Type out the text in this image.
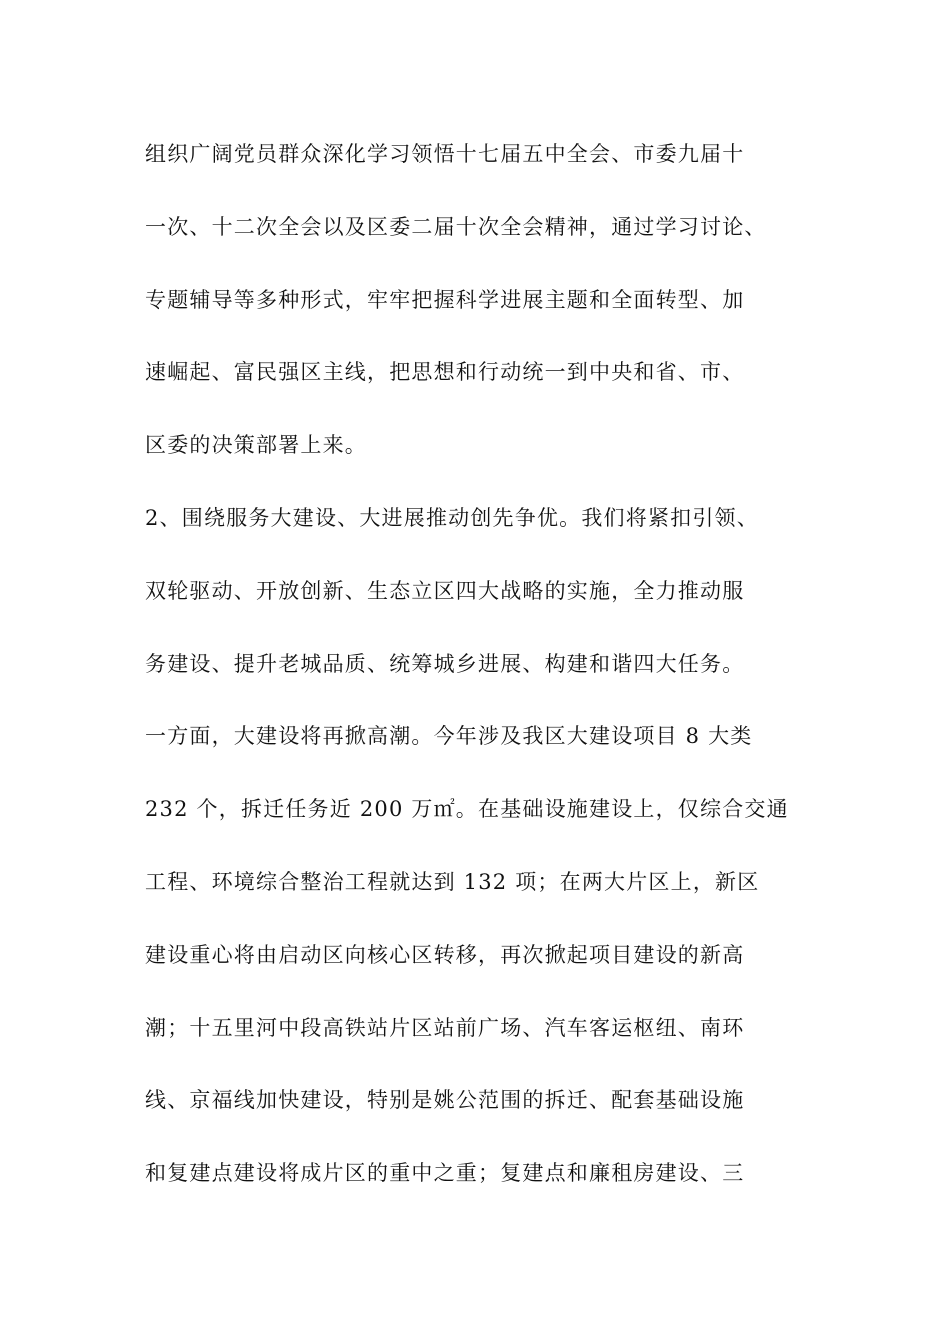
组织广阔党员群众深化学习领悟十七届五中全会、市委九届十
一次、十二次全会以及区委二届十次全会精神，通过学习讨论、
专题辅导等多种形式，牢牢把握科学进展主题和全面转型、加
速崛起、富民强区主线，把思想和行动统一到中央和省、市、
区委的决策部署上来。
2、围绕服务大建设、大进展推动创先争优。我们将紧扣引领、
双轮驱动、开放创新、生态立区四大战略的实施，全力推动服
务建设、提升老城品质、统筹城乡进展、构建和谐四大任务。
一方面，大建设将再掀高潮。今年涉及我区大建设项目 8 大类
232 个，拆迁任务近 200 万㎡。在基础设施建设上，仅综合交通
工程、环境综合整治工程就达到 132 项；在两大片区上，新区
建设重心将由启动区向核心区转移，再次掀起项目建设的新高
潮；十五里河中段高铁站片区站前广场、汽车客运枢纽、南环
线、京福线加快建设，特别是姚公范围的拆迁、配套基础设施
和复建点建设将成片区的重中之重；复建点和廉租房建设、三
